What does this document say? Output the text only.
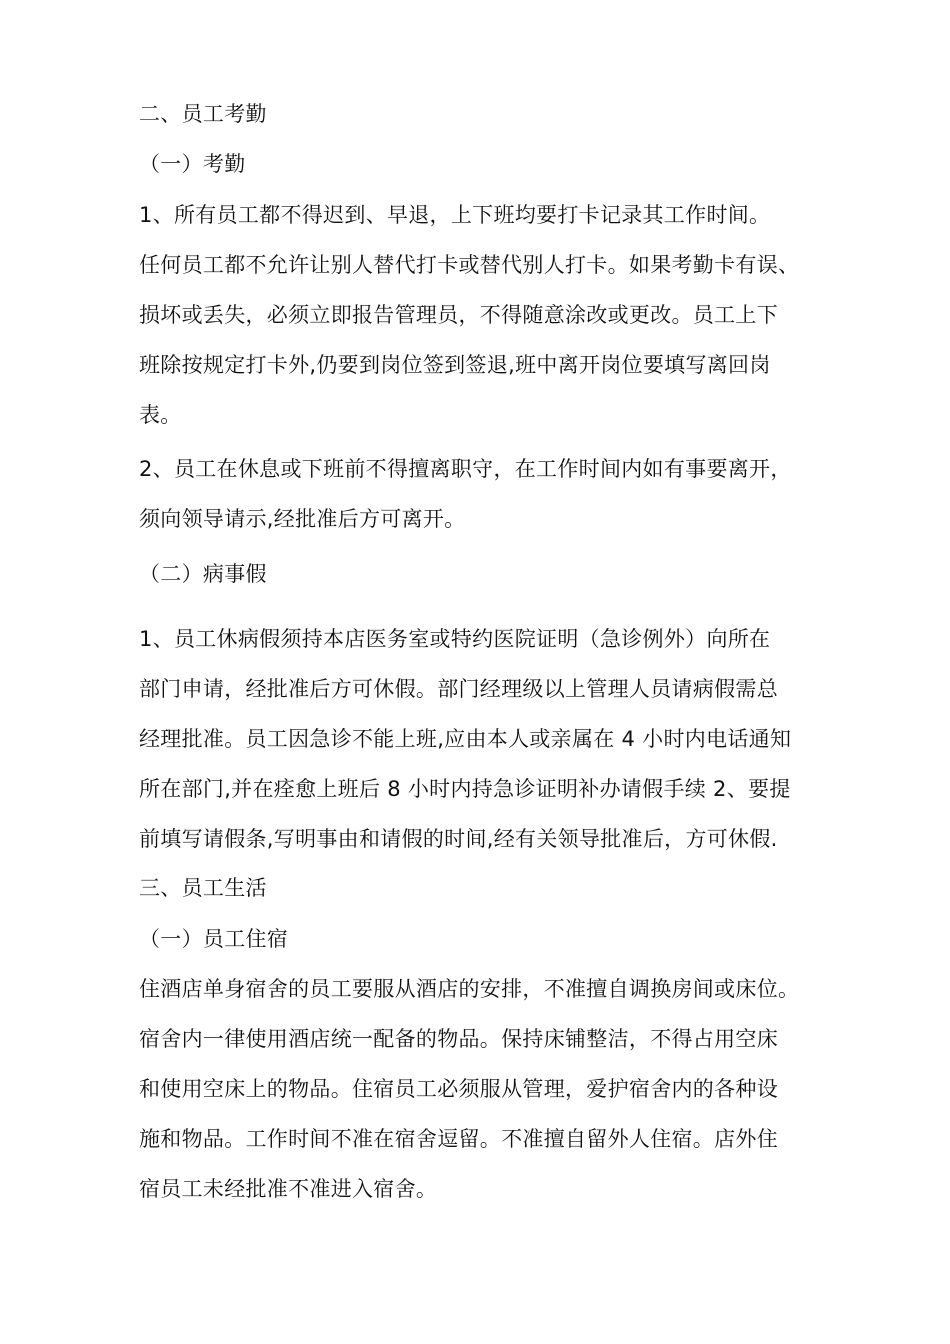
二、员工考勤
（一）考勤
1、所有员工都不得迟到、早退，上下班均要打卡记录其工作时间。
任何员工都不允许让别人替代打卡或替代别人打卡。如果考勤卡有误、
损坏或丢失，必须立即报告管理员，不得随意涂改或更改。员工上下
班除按规定打卡外,仍要到岗位签到签退,班中离开岗位要填写离回岗
表。
2、员工在休息或下班前不得擅离职守，在工作时间内如有事要离开，
须向领导请示,经批准后方可离开。
（二）病事假
1、员工休病假须持本店医务室或特约医院证明（急诊例外）向所在
部门申请，经批准后方可休假。部门经理级以上管理人员请病假需总
经理批准。员工因急诊不能上班,应由本人或亲属在 4 小时内电话通知
所在部门,并在痊愈上班后 8 小时内持急诊证明补办请假手续 2、要提
前填写请假条,写明事由和请假的时间,经有关领导批准后，方可休假.
三、员工生活
（一）员工住宿
住酒店单身宿舍的员工要服从酒店的安排，不准擅自调换房间或床位。
宿舍内一律使用酒店统一配备的物品。保持床铺整洁，不得占用空床
和使用空床上的物品。住宿员工必须服从管理，爱护宿舍内的各种设
施和物品。工作时间不准在宿舍逗留。不准擅自留外人住宿。店外住
宿员工未经批准不准进入宿舍。
